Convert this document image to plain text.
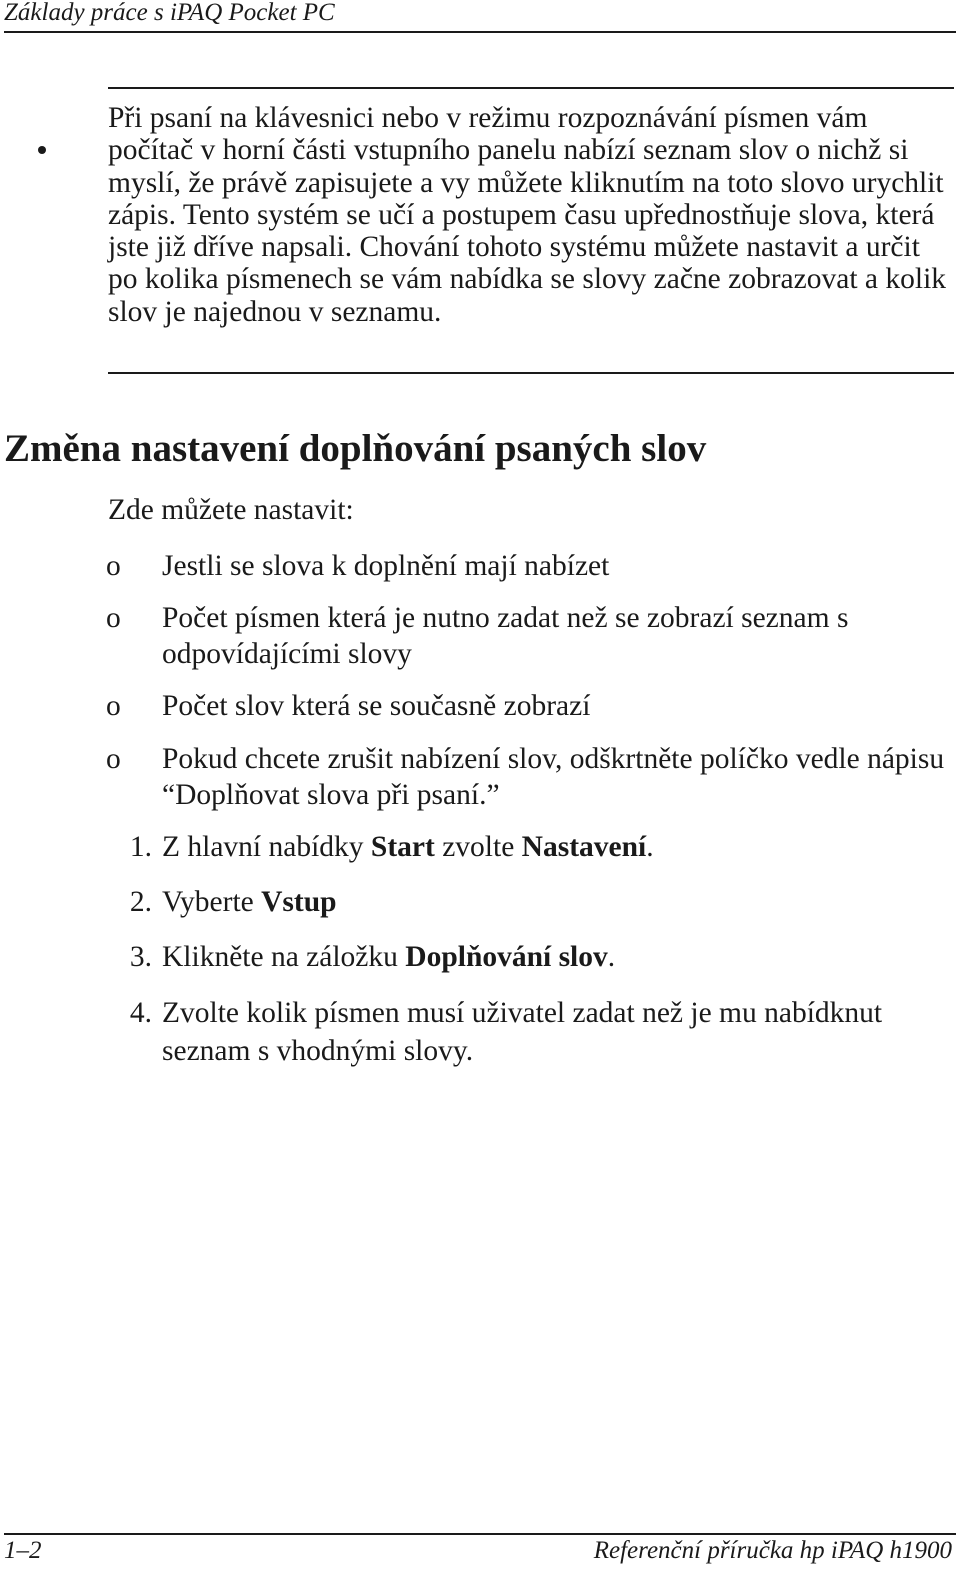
Základy práce s iPAQ Pocket PC
Při psaní na klávesnici nebo v režimu rozpoznávání písmen vám počítač v horní části vstupního panelu nabízí seznam slov o nichž si myslí, že právě zapisujete a vy můžete kliknutím na toto slovo urychlit zápis. Tento systém se učí a postupem času upřednostňuje slova, která jste již dříve napsali. Chování tohoto systému můžete nastavit a určit po kolika písmenech se vám nabídka se slovy začne zobrazovat a kolik slov je najednou v seznamu.
Změna nastavení doplňování psaných slov
Zde můžete nastavit:
o Jestli se slova k doplnění mají nabízet
o Počet písmen která je nutno zadat než se zobrazí seznam s odpovídajícími slovy
o Počet slov která se současně zobrazí
o Pokud chcete zrušit nabízení slov, odškrtněte políčko vedle nápisu “Doplňovat slova při psaní.”
1. Z hlavní nabídky Start zvolte Nastavení.
2. Vyberte Vstup
3. Klikněte na záložku Doplňování slov.
4. Zvolte kolik písmen musí uživatel zadat než je mu nabídknut seznam s vhodnými slovy.
1–2	Referenční příručka hp iPAQ h1900
